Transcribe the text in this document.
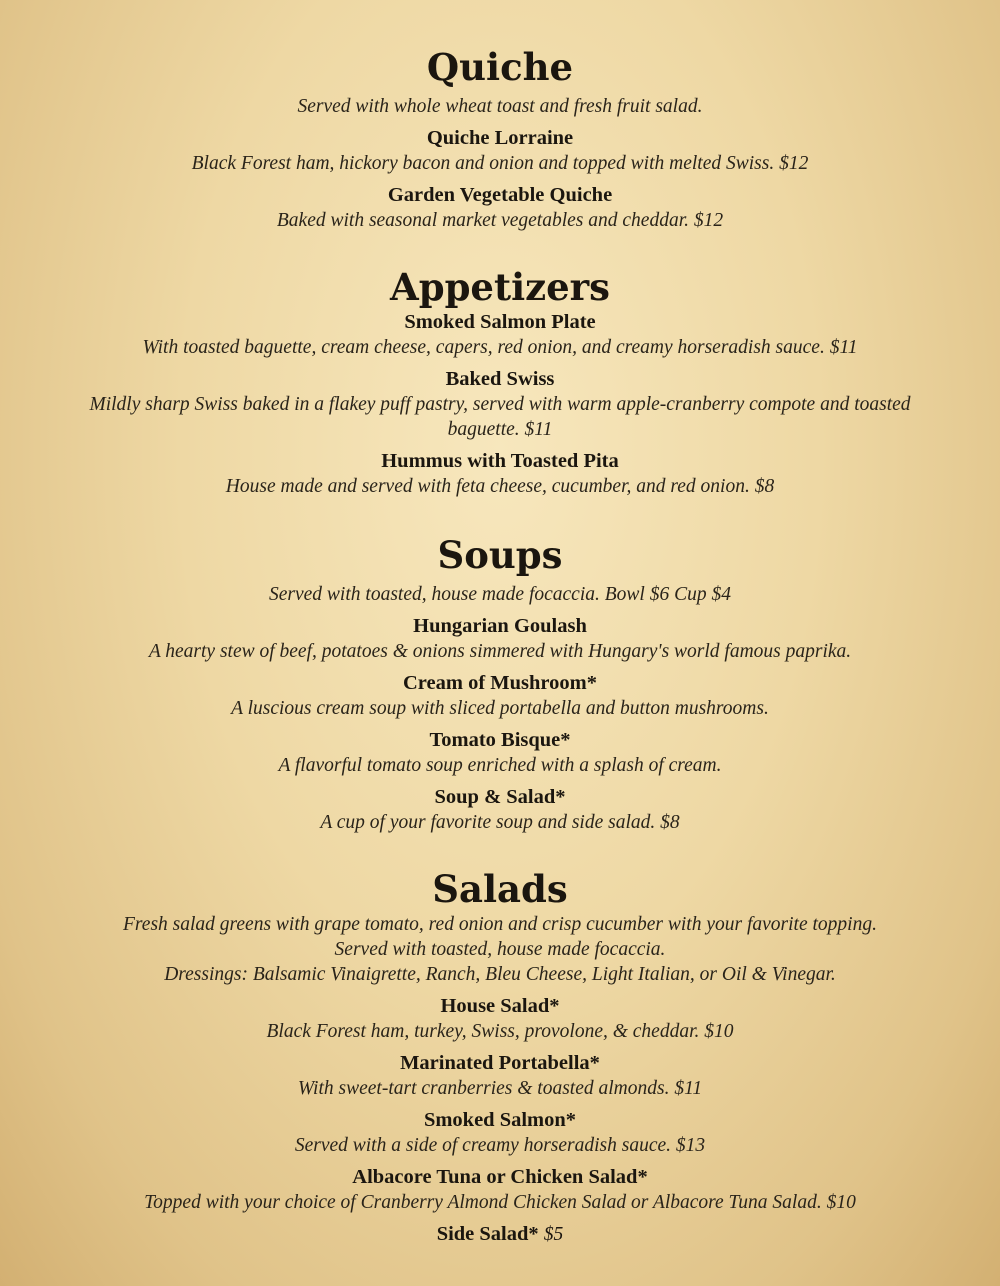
Quiche
Served with whole wheat toast and fresh fruit salad.
Quiche Lorraine
Black Forest ham, hickory bacon and onion and topped with melted Swiss. $12
Garden Vegetable Quiche
Baked with seasonal market vegetables and cheddar. $12
Appetizers
Smoked Salmon Plate
With toasted baguette, cream cheese, capers, red onion, and creamy horseradish sauce. $11
Baked Swiss
Mildly sharp Swiss baked in a flakey puff pastry, served with warm apple-cranberry compote and toasted baguette. $11
Hummus with Toasted Pita
House made and served with feta cheese, cucumber, and red onion. $8
Soups
Served with toasted, house made focaccia. Bowl $6 Cup $4
Hungarian Goulash
A hearty stew of beef, potatoes & onions simmered with Hungary's world famous paprika.
Cream of Mushroom*
A luscious cream soup with sliced portabella and button mushrooms.
Tomato Bisque*
A flavorful tomato soup enriched with a splash of cream.
Soup & Salad*
A cup of your favorite soup and side salad. $8
Salads
Fresh salad greens with grape tomato, red onion and crisp cucumber with your favorite topping.
Served with toasted, house made focaccia.
Dressings: Balsamic Vinaigrette, Ranch, Bleu Cheese, Light Italian, or Oil & Vinegar.
House Salad*
Black Forest ham, turkey, Swiss, provolone, & cheddar. $10
Marinated Portabella*
With sweet-tart cranberries & toasted almonds. $11
Smoked Salmon*
Served with a side of creamy horseradish sauce. $13
Albacore Tuna or Chicken Salad*
Topped with your choice of Cranberry Almond Chicken Salad or Albacore Tuna Salad. $10
Side Salad* $5
